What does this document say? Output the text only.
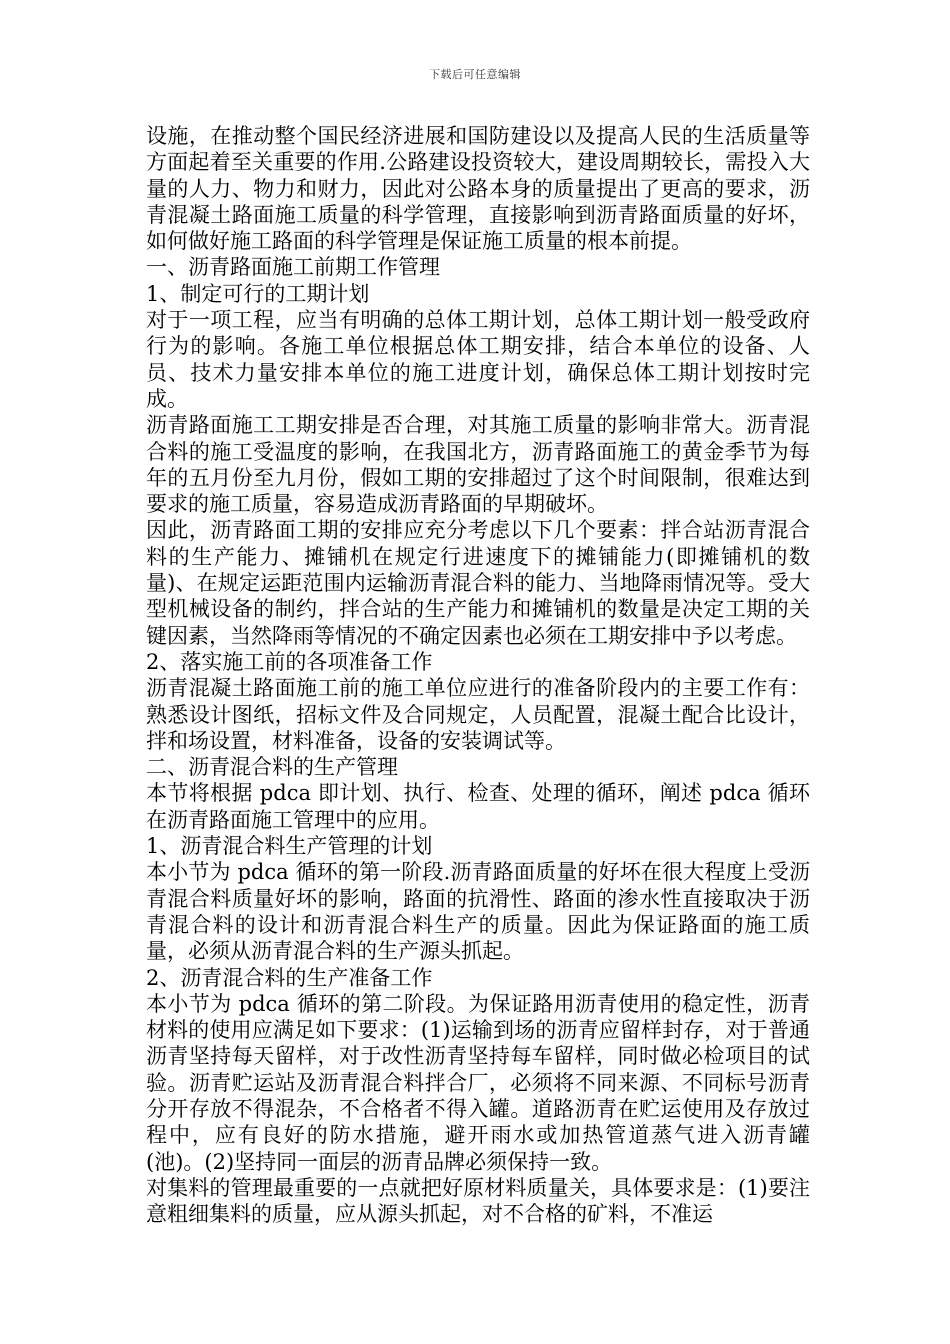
下载后可任意编辑

设施，在推动整个国民经济进展和国防建设以及提高人民的生活质量等方面起着至关重要的作用.公路建设投资较大，建设周期较长，需投入大量的人力、物力和财力，因此对公路本身的质量提出了更高的要求，沥青混凝土路面施工质量的科学管理，直接影响到沥青路面质量的好坏，如何做好施工路面的科学管理是保证施工质量的根本前提。

一、沥青路面施工前期工作管理

1、制定可行的工期计划

对于一项工程，应当有明确的总体工期计划，总体工期计划一般受政府行为的影响。各施工单位根据总体工期安排，结合本单位的设备、人员、技术力量安排本单位的施工进度计划，确保总体工期计划按时完成。

沥青路面施工工期安排是否合理，对其施工质量的影响非常大。沥青混合料的施工受温度的影响，在我国北方，沥青路面施工的黄金季节为每年的五月份至九月份，假如工期的安排超过了这个时间限制，很难达到要求的施工质量，容易造成沥青路面的早期破坏。

因此，沥青路面工期的安排应充分考虑以下几个要素：拌合站沥青混合料的生产能力、摊铺机在规定行进速度下的摊铺能力(即摊铺机的数量)、在规定运距范围内运输沥青混合料的能力、当地降雨情况等。受大型机械设备的制约，拌合站的生产能力和摊铺机的数量是决定工期的关键因素，当然降雨等情况的不确定因素也必须在工期安排中予以考虑。

2、落实施工前的各项准备工作

沥青混凝土路面施工前的施工单位应进行的准备阶段内的主要工作有：熟悉设计图纸，招标文件及合同规定，人员配置，混凝土配合比设计，拌和场设置，材料准备，设备的安装调试等。

二、沥青混合料的生产管理

本节将根据 pdca 即计划、执行、检查、处理的循环，阐述 pdca 循环在沥青路面施工管理中的应用。

1、沥青混合料生产管理的计划

本小节为 pdca 循环的第一阶段.沥青路面质量的好坏在很大程度上受沥青混合料质量好坏的影响，路面的抗滑性、路面的渗水性直接取决于沥青混合料的设计和沥青混合料生产的质量。因此为保证路面的施工质量，必须从沥青混合料的生产源头抓起。

2、沥青混合料的生产准备工作

本小节为 pdca 循环的第二阶段。为保证路用沥青使用的稳定性，沥青材料的使用应满足如下要求：(1)运输到场的沥青应留样封存，对于普通沥青坚持每天留样，对于改性沥青坚持每车留样，同时做必检项目的试验。沥青贮运站及沥青混合料拌合厂，必须将不同来源、不同标号沥青分开存放不得混杂，不合格者不得入罐。道路沥青在贮运使用及存放过程中，应有良好的防水措施，避开雨水或加热管道蒸气进入沥青罐(池)。(2)坚持同一面层的沥青品牌必须保持一致。

对集料的管理最重要的一点就把好原材料质量关，具体要求是：(1)要注意粗细集料的质量，应从源头抓起，对不合格的矿料，不准运
